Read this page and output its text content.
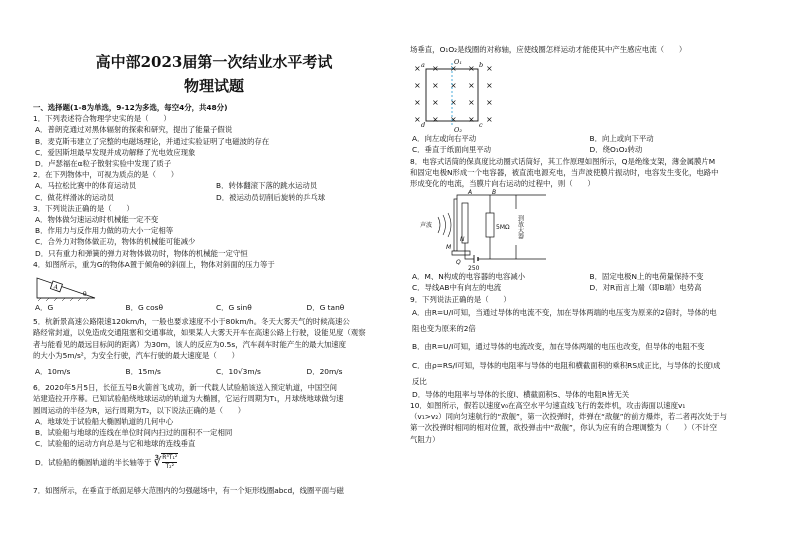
高中部2023届第一次结业水平考试
物理试题
一、选择题(1-8为单选，9-12为多选，每空4分，共48分)
1．下列表述符合物理学史实的是（　　）
A．普朗克通过对黑体辐射的探索和研究，提出了能量子假说
B．麦克斯韦建立了完整的电磁场理论，并通过实验证明了电磁波的存在
C．爱因斯坦最早发现并成功解释了光电效应现象
D．卢瑟福在α粒子散射实验中发现了质子
2．在下列物体中，可视为质点的是（　　）
A．马拉松比赛中的体育运动员	B．转体翻滚下落的跳水运动员
C．做花样滑冰的运动员	D．被运动员切削后旋转的乒乓球
3．下列说法正确的是（　　）
A．物体做匀速运动时机械能一定不变
B．作用力与反作用力做的功大小一定相等
C．合外力对物体做正功，物体的机械能可能减少
D．只有重力和弹簧的弹力对物体做功时，物体的机械能一定守恒
4．如图所示，重为G的物体A置于倾角θ的斜面上，物体对斜面的压力等于
A
θ
A．G	B．G cosθ	C．G sinθ	D．G tanθ
5．杭新景高速公路限速120km/h，一般也要求速度不小于80km/h。冬天大雾天气的时候高速公
路经常封道，以免造成交通阻塞和交通事故，如果某人大雾天开车在高速公路上行驶，设能见度（观察
者与能看见的最远目标间的距离）为30m，该人的反应为0.5s，汽车刹车时能产生的最大加速度
的大小为5m/s²，为安全行驶，汽车行驶的最大速度是（　　）
A．10m/s	B．15m/s	C．10√3m/s	D．20m/s
6．2020年5月5日，长征五号B火箭首飞成功，新一代载人试验船该送入预定轨道，中国空间
站建造拉开序幕。已知试验船绕地球运动的轨道为大椭圆，它运行周期为T₁，月球绕地球做匀速
圆周运动的半径为R，运行周期为T₂，以下说法正确的是（　　）
A．地球处于试验船大椭圆轨道的几何中心
B．试验船与地球的连线在单位时间内扫过的面积不一定相同
C．试验船的运动方向总是与它和地球的连线垂直
D．试验船的椭圆轨道的半长轴等于 ∛ $\frac{\text{R³T₁²}}{\text{T₂²}}$
7．如图所示，在垂直于纸面足够大范围内的匀强磁场中，有一个矩形线圈abcd，线圈平面与磁
场垂直，O₁O₂是线圈的对称轴，应使线圈怎样运动才能使其中产生感应电流（　　）
×
×
×
×
×
×
×
×
×
×
×
×
×
×
×
×
×
×
×
×
a	b
c
d
O₁
O₂
A．向左或向右平动	B．向上或向下平动
C．垂直于纸面向里平动	D．绕O₁O₂转动
8．电容式话筒的保真度比动圈式话筒好，其工作原理如图所示，Q是绝缘支架，薄金属膜片M
和固定电极N形成一个电容器，被直流电源充电，当声波使膜片振动时，电容发生变化，电路中
形成变化的电流，当膜片向右运动的过程中，则（　　）
声波
M
N
Q
A	B
5MΩ
250
到放大器
A．M、N构成的电容器的电容减小	B．固定电极N上的电荷量保持不变
C．导线AB中有向左的电流	D．对R而言上端（即B端）电势高
9．下列说法正确的是（　　）
A．由R=U/I可知，当通过导体的电流不变，加在导体两端的电压变为原来的2倍时，导体的电
阻也变为原来的2倍
B．由R=U/I可知，通过导体的电流改变，加在导体两端的电压也改变，但导体的电阻不变
C．由ρ=RS/l可知，导体的电阻率与导体的电阻和横截面积的乘积RS成正比，与导体的长度l成
反比
D．导体的电阻率与导体的长度l、横截面积S、导体的电阻R皆无关
10．如图所示，假若以速度v₀在高空水平匀速直线飞行的轰炸机，攻击海面以速度v₁
（v₁>v₂）同向匀速航行的“敌舰”，第一次投弹时，炸弹在“敌舰”的前方爆炸，若二者再次处于与
第一次投弹时相同的相对位置，欲投弹击中“敌舰”，你认为应有的合理调整为（　　）（不计空
气阻力）
